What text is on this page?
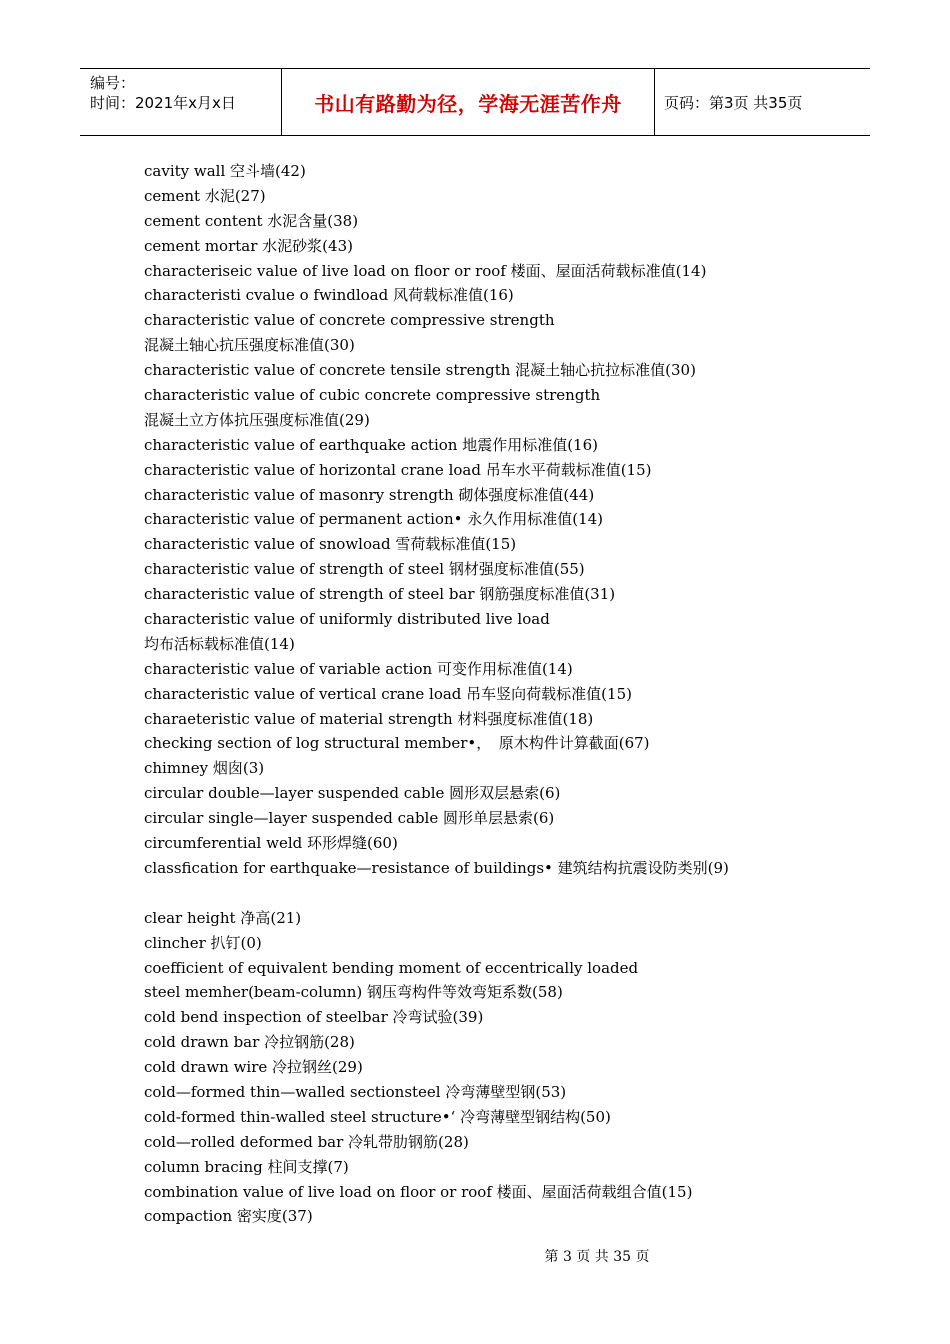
编号：
时间：2021年x月x日	书山有路勤为径，学海无涯苦作舟	页码：第3页 共35页
cavity wall 空斗墙(42)
cement 水泥(27)
cement content 水泥含量(38)
cement mortar 水泥砂浆(43)
characteriseic value of live load on floor or roof 楼面、屋面活荷载标准值(14)
characteristi cvalue o fwindload 风荷载标准值(16)
characteristic value of concrete compressive strength
混凝土轴心抗压强度标准值(30)
characteristic value of concrete tensile strength 混凝土轴心抗拉标准值(30)
characteristic value of cubic concrete compressive strength
混凝土立方体抗压强度标准值(29)
characteristic value of earthquake action 地震作用标准值(16)
characteristic value of horizontal crane load 吊车水平荷载标准值(15)
characteristic value of masonry strength 砌体强度标准值(44)
characteristic value of permanent action• 永久作用标准值(14)
characteristic value of snowload 雪荷载标准值(15)
characteristic value of strength of steel 钢材强度标准值(55)
characteristic value of strength of steel bar 钢筋强度标准值(31)
characteristic value of uniformly distributed live load
均布活标载标准值(14)
characteristic value of variable action 可变作用标准值(14)
characteristic value of vertical crane load 吊车竖向荷载标准值(15)
charaeteristic value of material strength 材料强度标准值(18)
checking section of log structural member•，　原木构件计算截面(67)
chimney 烟囱(3)
circular double—layer suspended cable 圆形双层悬索(6)
circular single—layer suspended cable 圆形单层悬索(6)
circumferential weld 环形焊缝(60)
classfication for earthquake—resistance of buildings• 建筑结构抗震设防类别(9)
clear height 净高(21)
clincher 扒钉(0)
coefficient of equivalent bending moment of eccentrically loaded
steel memher(beam-column) 钢压弯构件等效弯矩系数(58)
cold bend inspection of steelbar 冷弯试验(39)
cold drawn bar 冷拉钢筋(28)
cold drawn wire 冷拉钢丝(29)
cold—formed thin—walled sectionsteel 冷弯薄壁型钢(53)
cold-formed thin-walled steel structure•‘ 冷弯薄壁型钢结构(50)
cold—rolled deformed bar 冷轧带肋钢筋(28)
column bracing 柱间支撑(7)
combination value of live load on floor or roof 楼面、屋面活荷载组合值(15)
compaction 密实度(37)
第 3 页 共 35 页
